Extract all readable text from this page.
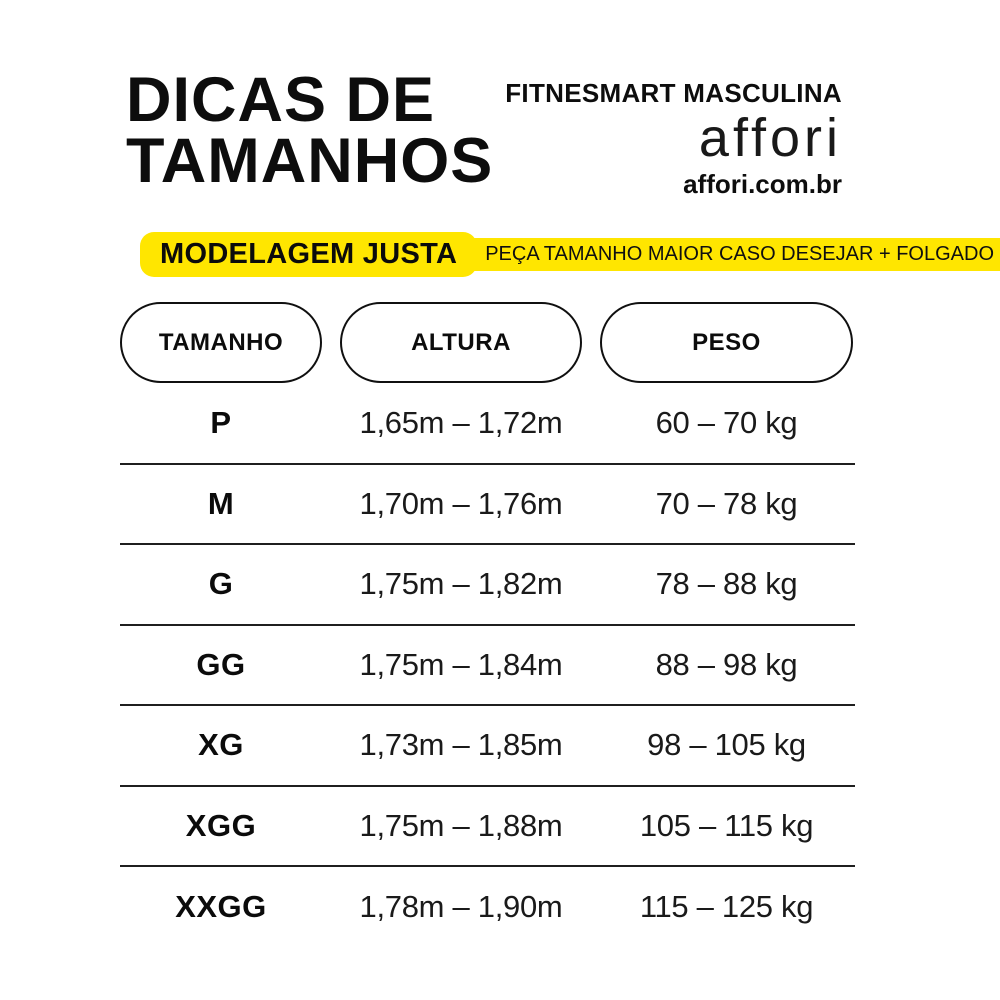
DICAS DE
TAMANHOS
FITNESMART MASCULINA
affori
affori.com.br
MODELAGEM JUSTA	PEÇA TAMANHO MAIOR CASO DESEJAR + FOLGADO
TAMANHO	ALTURA	PESO
P	1,65m – 1,72m	60 – 70 kg
M	1,70m – 1,76m	70 – 78 kg
G	1,75m – 1,82m	78 – 88 kg
GG	1,75m – 1,84m	88 – 98 kg
XG	1,73m – 1,85m	98 – 105 kg
XGG	1,75m – 1,88m	105 – 115 kg
XXGG	1,78m – 1,90m	115 – 125 kg
